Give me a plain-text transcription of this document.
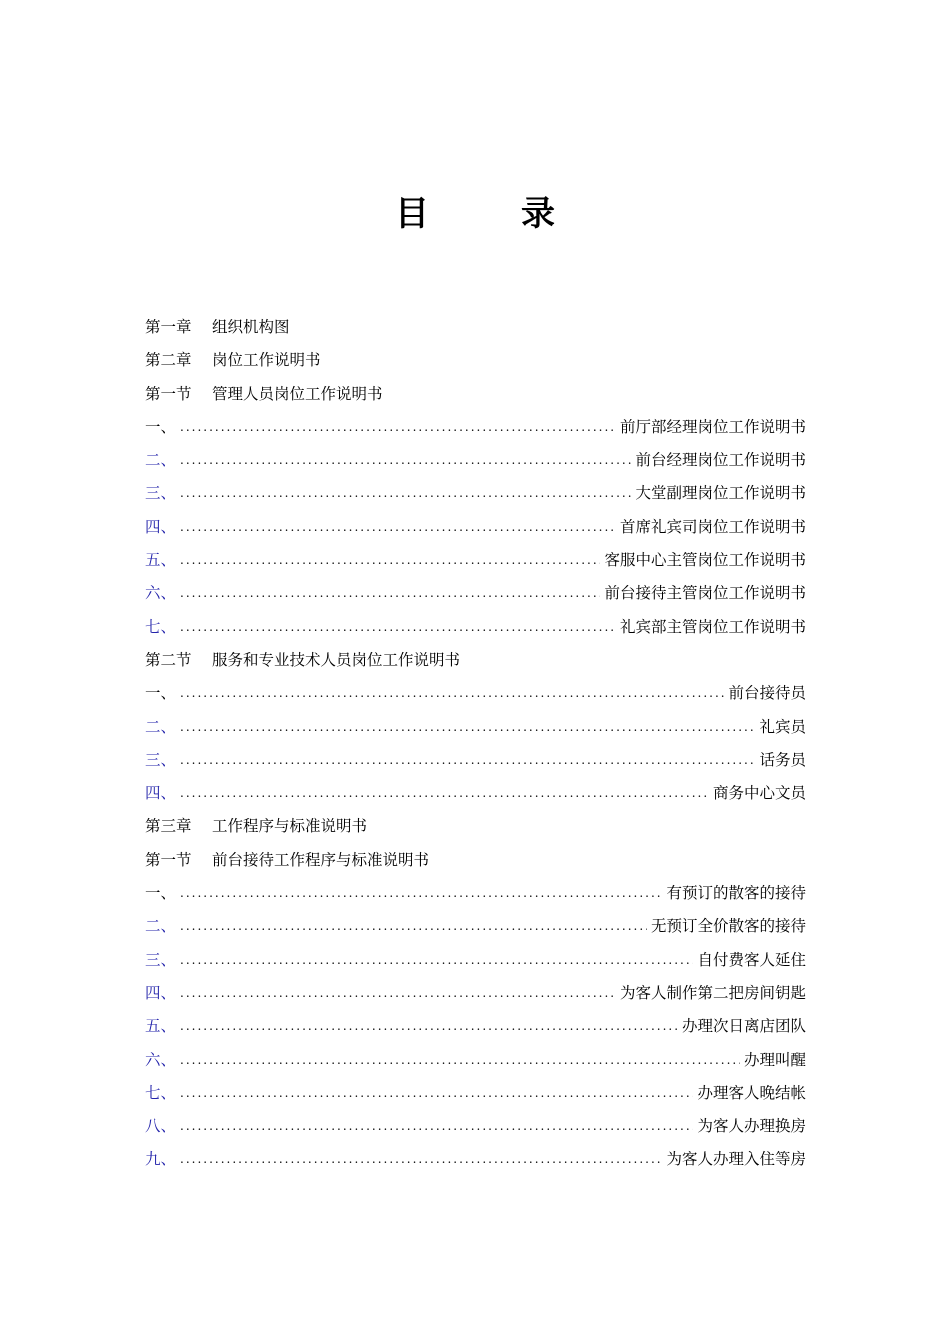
目	录
第一章	组织机构图
第二章	岗位工作说明书
第一节	管理人员岗位工作说明书
一、 .....	前厅部经理岗位工作说明书
二、 .....	前台经理岗位工作说明书
三、 .....	大堂副理岗位工作说明书
四、 .....	首席礼宾司岗位工作说明书
五、 .....	客服中心主管岗位工作说明书
六、 .....	前台接待主管岗位工作说明书
七、 .....	礼宾部主管岗位工作说明书
第二节	服务和专业技术人员岗位工作说明书
一、 .....	前台接待员
二、 .....	礼宾员
三、 .....	话务员
四、 .....	商务中心文员
第三章	工作程序与标准说明书
第一节	前台接待工作程序与标准说明书
一、 .....	有预订的散客的接待
二、 .....	无预订全价散客的接待
三、 .....	自付费客人延住
四、 .....	为客人制作第二把房间钥匙
五、 .....	办理次日离店团队
六、 .....	办理叫醒
七、 .....	办理客人晚结帐
八、 .....	为客人办理换房
九、 .....	为客人办理入住等房
